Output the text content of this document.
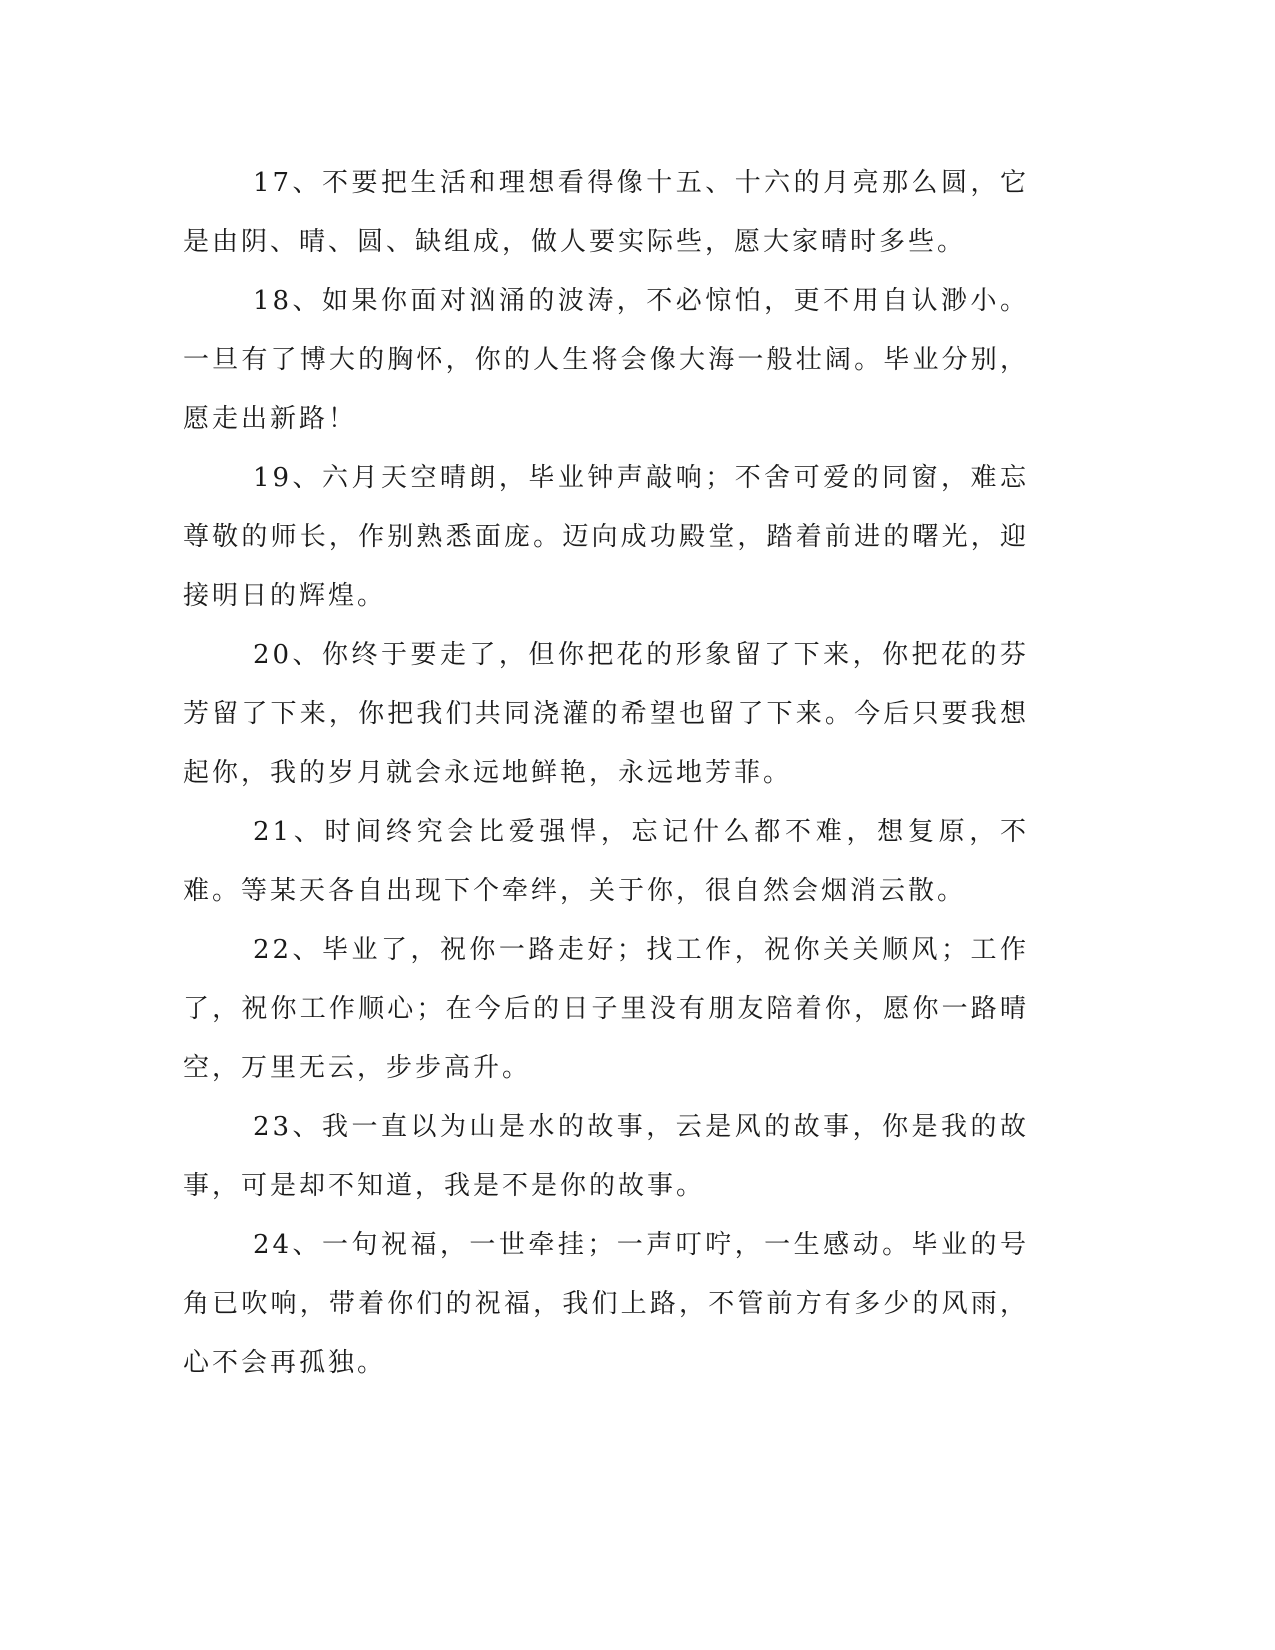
17、不要把生活和理想看得像十五、十六的月亮那么圆，它是由阴、晴、圆、缺组成，做人要实际些，愿大家晴时多些。

18、如果你面对汹涌的波涛，不必惊怕，更不用自认渺小。一旦有了博大的胸怀，你的人生将会像大海一般壮阔。毕业分别，愿走出新路！

19、六月天空晴朗，毕业钟声敲响；不舍可爱的同窗，难忘尊敬的师长，作别熟悉面庞。迈向成功殿堂，踏着前进的曙光，迎接明日的辉煌。

20、你终于要走了，但你把花的形象留了下来，你把花的芬芳留了下来，你把我们共同浇灌的希望也留了下来。今后只要我想起你，我的岁月就会永远地鲜艳，永远地芳菲。

21、时间终究会比爱强悍，忘记什么都不难，想复原，不难。等某天各自出现下个牵绊，关于你，很自然会烟消云散。

22、毕业了，祝你一路走好；找工作，祝你关关顺风；工作了，祝你工作顺心；在今后的日子里没有朋友陪着你，愿你一路晴空，万里无云，步步高升。

23、我一直以为山是水的故事，云是风的故事，你是我的故事，可是却不知道，我是不是你的故事。

24、一句祝福，一世牵挂；一声叮咛，一生感动。毕业的号角已吹响，带着你们的祝福，我们上路，不管前方有多少的风雨，心不会再孤独。
